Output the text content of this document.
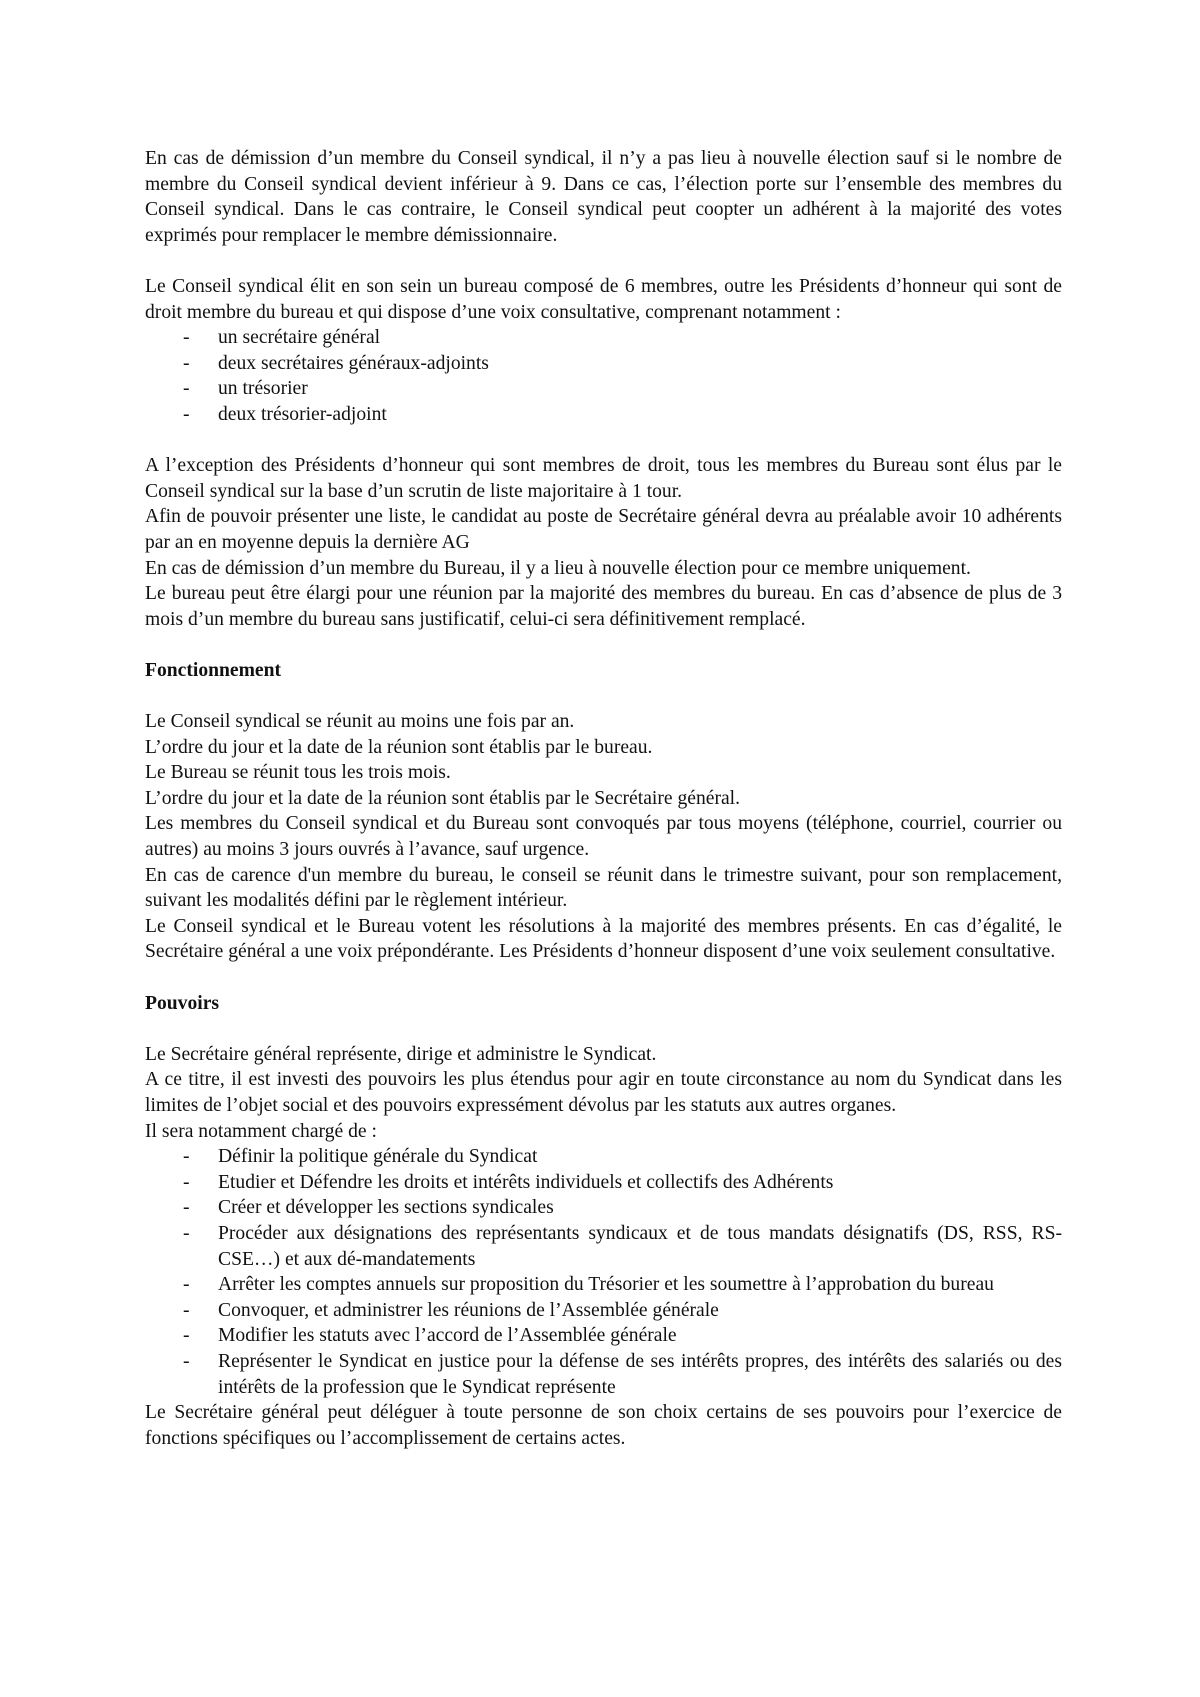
En cas de démission d’un membre du Conseil syndical, il n’y a pas lieu à nouvelle élection sauf si le nombre de membre du Conseil syndical devient inférieur à 9. Dans ce cas, l’élection porte sur l’ensemble des membres du Conseil syndical. Dans le cas contraire, le Conseil syndical peut coopter un adhérent à la majorité des votes exprimés pour remplacer le membre démissionnaire.

Le Conseil syndical élit en son sein un bureau composé de 6 membres, outre les Présidents d’honneur qui sont de droit membre du bureau et qui dispose d’une voix consultative, comprenant notamment :

- un secrétaire général
- deux secrétaires généraux-adjoints
- un trésorier
- deux trésorier-adjoint

A l’exception des Présidents d’honneur qui sont membres de droit, tous les membres du Bureau sont élus par le Conseil syndical sur la base d’un scrutin de liste majoritaire à 1 tour.

Afin de pouvoir présenter une liste, le candidat au poste de Secrétaire général devra au préalable avoir 10 adhérents par an en moyenne depuis la dernière AG

En cas de démission d’un membre du Bureau, il y a lieu à nouvelle élection pour ce membre uniquement.

Le bureau peut être élargi pour une réunion par la majorité des membres du bureau. En cas d’absence de plus de 3 mois d’un membre du bureau sans justificatif, celui-ci sera définitivement remplacé.

Fonctionnement

Le Conseil syndical se réunit au moins une fois par an.

L’ordre du jour et la date de la réunion sont établis par le bureau.

Le Bureau se réunit tous les trois mois.

L’ordre du jour et la date de la réunion sont établis par le Secrétaire général.

Les membres du Conseil syndical et du Bureau sont convoqués par tous moyens (téléphone, courriel, courrier ou autres) au moins 3 jours ouvrés à l’avance, sauf urgence.

En cas de carence d'un membre du bureau, le conseil se réunit dans le trimestre suivant, pour son remplacement, suivant les modalités défini par le règlement intérieur.

Le Conseil syndical et le Bureau votent les résolutions à la majorité des membres présents. En cas d’égalité, le Secrétaire général a une voix prépondérante. Les Présidents d’honneur disposent d’une voix seulement consultative.

Pouvoirs

Le Secrétaire général représente, dirige et administre le Syndicat.

A ce titre, il est investi des pouvoirs les plus étendus pour agir en toute circonstance au nom du Syndicat dans les limites de l’objet social et des pouvoirs expressément dévolus par les statuts aux autres organes.

Il sera notamment chargé de :

- Définir la politique générale du Syndicat
- Etudier et Défendre les droits et intérêts individuels et collectifs des Adhérents
- Créer et développer les sections syndicales
- Procéder aux désignations des représentants syndicaux et de tous mandats désignatifs (DS, RSS, RS-CSE…) et aux dé-mandatements
- Arrêter les comptes annuels sur proposition du Trésorier et les soumettre à l’approbation du bureau
- Convoquer, et administrer les réunions de l’Assemblée générale
- Modifier les statuts avec l’accord de l’Assemblée générale
- Représenter le Syndicat en justice pour la défense de ses intérêts propres, des intérêts des salariés ou des intérêts de la profession que le Syndicat représente

Le Secrétaire général peut déléguer à toute personne de son choix certains de ses pouvoirs pour l’exercice de fonctions spécifiques ou l’accomplissement de certains actes.
